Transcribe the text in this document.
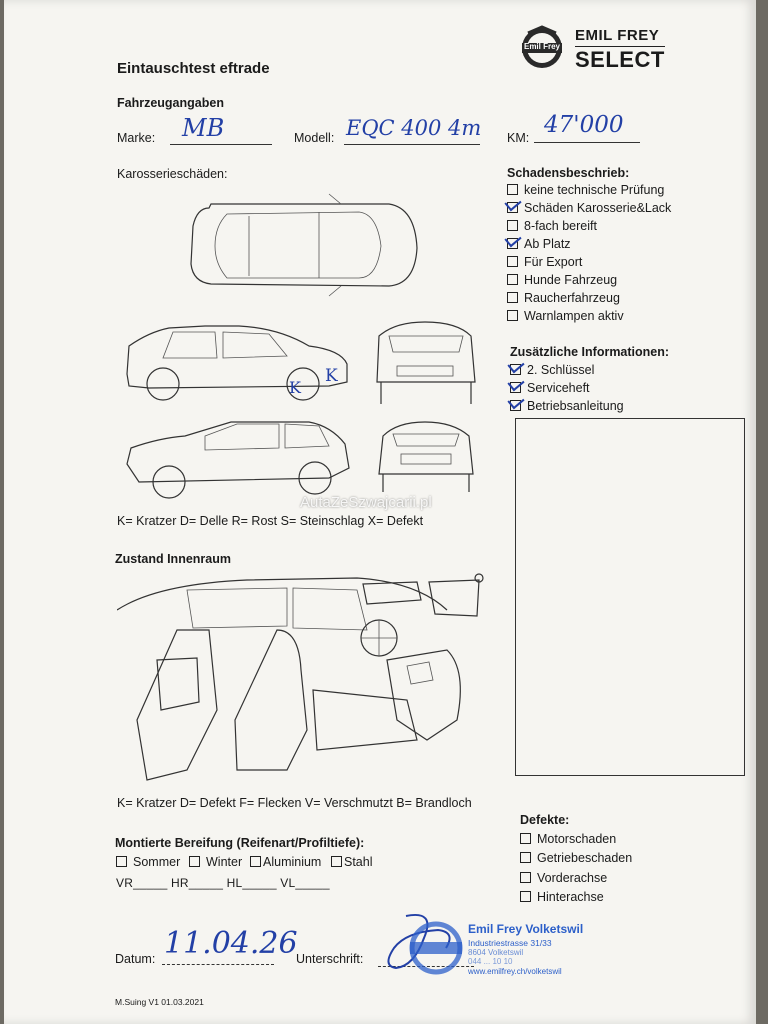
Eintauschtest eftrade
Emil Frey
EMIL FREY
SELECT
Fahrzeugangaben
Marke: MB	Modell: EQC 400 4m KM: 47'000
Karosserieschäden:
K
K
AutaZeSzwajcarii.pl
K= Kratzer D= Delle R= Rost S= Steinschlag X= Defekt
Schadensbeschrieb:
keine technische Prüfung
Schäden Karosserie&Lack
8-fach bereift
Ab Platz
Für Export
Hunde Fahrzeug
Raucherfahrzeug
Warnlampen aktiv
Zusätzliche Informationen:
2. Schlüssel
Serviceheft
Betriebsanleitung
Zustand Innenraum
K= Kratzer D= Defekt F= Flecken V= Verschmutzt B= Brandloch
Montierte Bereifung (Reifenart/Profiltiefe):
Sommer	Winter	Aluminium	Stahl
VR_____ HR_____ HL_____ VL_____
Defekte:
Motorschaden
Getriebeschaden
Vorderachse
Hinterachse
Datum: 11.04.26
Unterschrift:
Emil Frey Volketswil
Industriestrasse 31/33
8604 Volketswil
044 ... 10 10
www.emilfrey.ch/volketswil
M.Suing V1 01.03.2021
